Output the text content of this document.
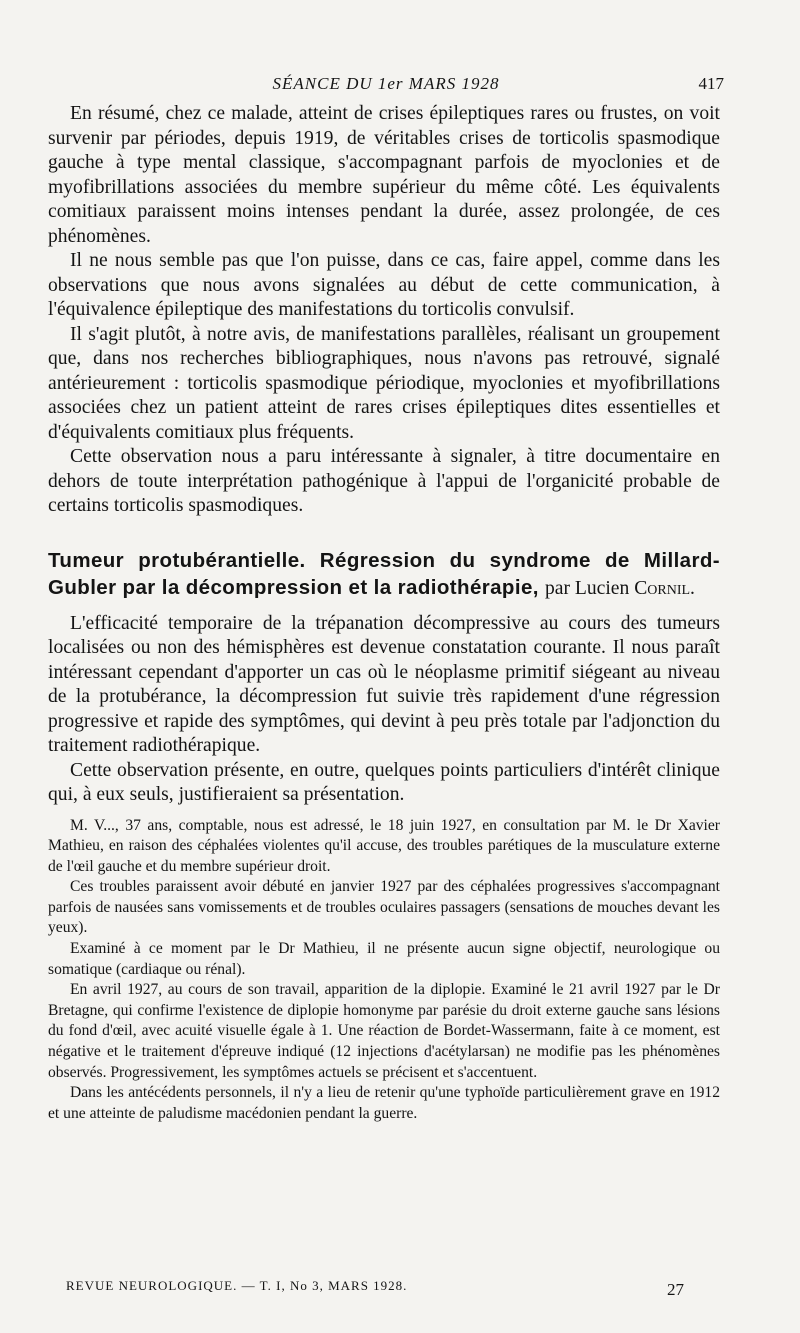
SÉANCE DU 1er MARS 1928	417

En résumé, chez ce malade, atteint de crises épileptiques rares ou frustes, on voit survenir par périodes, depuis 1919, de véritables crises de torticolis spasmodique gauche à type mental classique, s'accompagnant parfois de myoclonies et de myofibrillations associées du membre supérieur du même côté. Les équivalents comitiaux paraissent moins intenses pendant la durée, assez prolongée, de ces phénomènes.

Il ne nous semble pas que l'on puisse, dans ce cas, faire appel, comme dans les observations que nous avons signalées au début de cette communication, à l'équivalence épileptique des manifestations du torticolis convulsif.

Il s'agit plutôt, à notre avis, de manifestations parallèles, réalisant un groupement que, dans nos recherches bibliographiques, nous n'avons pas retrouvé, signalé antérieurement : torticolis spasmodique périodique, myoclonies et myofibrillations associées chez un patient atteint de rares crises épileptiques dites essentielles et d'équivalents comitiaux plus fréquents.

Cette observation nous a paru intéressante à signaler, à titre documentaire en dehors de toute interprétation pathogénique à l'appui de l'organicité probable de certains torticolis spasmodiques.

Tumeur protubérantielle. Régression du syndrome de Millard-Gubler par la décompression et la radiothérapie, par Lucien Cornil.

L'efficacité temporaire de la trépanation décompressive au cours des tumeurs localisées ou non des hémisphères est devenue constatation courante. Il nous paraît intéressant cependant d'apporter un cas où le néoplasme primitif siégeant au niveau de la protubérance, la décompression fut suivie très rapidement d'une régression progressive et rapide des symptômes, qui devint à peu près totale par l'adjonction du traitement radiothérapique.

Cette observation présente, en outre, quelques points particuliers d'intérêt clinique qui, à eux seuls, justifieraient sa présentation.

M. V..., 37 ans, comptable, nous est adressé, le 18 juin 1927, en consultation par M. le Dr Xavier Mathieu, en raison des céphalées violentes qu'il accuse, des troubles parétiques de la musculature externe de l'œil gauche et du membre supérieur droit.

Ces troubles paraissent avoir débuté en janvier 1927 par des céphalées progressives s'accompagnant parfois de nausées sans vomissements et de troubles oculaires passagers (sensations de mouches devant les yeux).

Examiné à ce moment par le Dr Mathieu, il ne présente aucun signe objectif, neurologique ou somatique (cardiaque ou rénal).

En avril 1927, au cours de son travail, apparition de la diplopie. Examiné le 21 avril 1927 par le Dr Bretagne, qui confirme l'existence de diplopie homonyme par parésie du droit externe gauche sans lésions du fond d'œil, avec acuité visuelle égale à 1. Une réaction de Bordet-Wassermann, faite à ce moment, est négative et le traitement d'épreuve indiqué (12 injections d'acétylarsan) ne modifie pas les phénomènes observés. Progressivement, les symptômes actuels se précisent et s'accentuent.

Dans les antécédents personnels, il n'y a lieu de retenir qu'une typhoïde particulièrement grave en 1912 et une atteinte de paludisme macédonien pendant la guerre.

REVUE NEUROLOGIQUE. — T. I, No 3, MARS 1928.	27
